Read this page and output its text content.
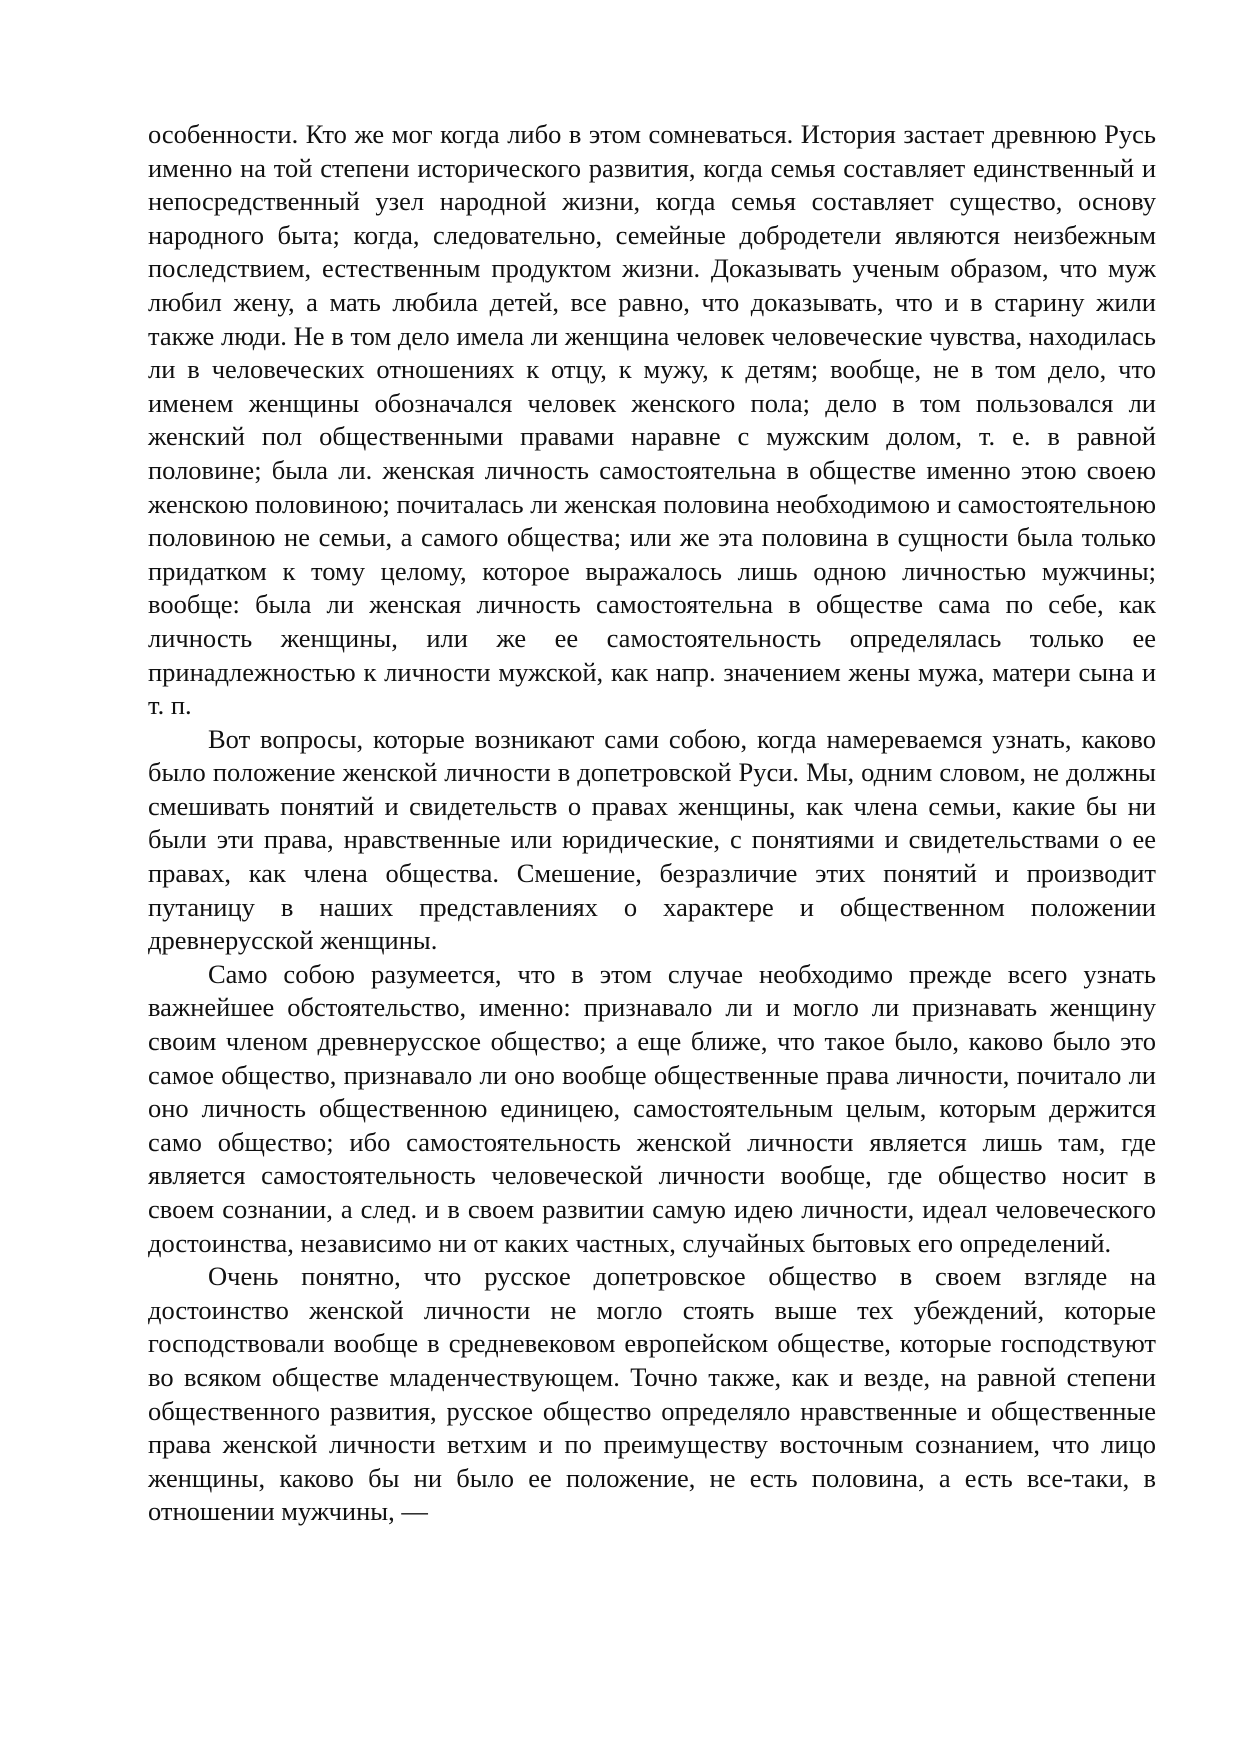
особенности. Кто же мог когда либо в этом сомневаться. История застает древнюю Русь именно на той степени исторического развития, когда семья составляет единственный и непосредственный узел народной жизни, когда семья составляет существо, основу народного быта; когда, следовательно, семейные добродетели являются неизбежным последствием, естественным продуктом жизни. Доказывать ученым образом, что муж любил жену, а мать любила детей, все равно, что доказывать, что и в старину жили также люди. Не в том дело имела ли женщина человек человеческие чувства, находилась ли в человеческих отношениях к отцу, к мужу, к детям; вообще, не в том дело, что именем женщины обозначался человек женского пола; дело в том пользовался ли женский пол общественными правами наравне с мужским долом, т. е. в равной половине; была ли. женская личность самостоятельна в обществе именно этою своею женскою половиною; почиталась ли женская половина необходимою и самостоятельною половиною не семьи, а самого общества; или же эта половина в сущности была только придатком к тому целому, которое выражалось лишь одною личностью мужчины; вообще: была ли женская личность самостоятельна в обществе сама по себе, как личность женщины, или же ее самостоятельность определялась только ее принадлежностью к личности мужской, как напр. значением жены мужа, матери сына и т. п.

Вот вопросы, которые возникают сами собою, когда намереваемся узнать, каково было положение женской личности в допетровской Руси. Мы, одним словом, не должны смешивать понятий и свидетельств о правах женщины, как члена семьи, какие бы ни были эти права, нравственные или юридические, с понятиями и свидетельствами о ее правах, как члена общества. Смешение, безразличие этих понятий и производит путаницу в наших представлениях о характере и общественном положении древнерусской женщины.

Само собою разумеется, что в этом случае необходимо прежде всего узнать важнейшее обстоятельство, именно: признавало ли и могло ли признавать женщину своим членом древнерусское общество; а еще ближе, что такое было, каково было это самое общество, признавало ли оно вообще общественные права личности, почитало ли оно личность общественною единицею, самостоятельным целым, которым держится само общество; ибо самостоятельность женской личности является лишь там, где является самостоятельность человеческой личности вообще, где общество носит в своем сознании, а след. и в своем развитии самую идею личности, идеал человеческого достоинства, независимо ни от каких частных, случайных бытовых его определений.

Очень понятно, что русское допетровское общество в своем взгляде на достоинство женской личности не могло стоять выше тех убеждений, которые господствовали вообще в средневековом европейском обществе, которые господствуют во всяком обществе младенчествующем. Точно также, как и везде, на равной степени общественного развития, русское общество определяло нравственные и общественные права женской личности ветхим и по преимуществу восточным сознанием, что лицо женщины, каково бы ни было ее положение, не есть половина, а есть все-таки, в отношении мужчины, —
